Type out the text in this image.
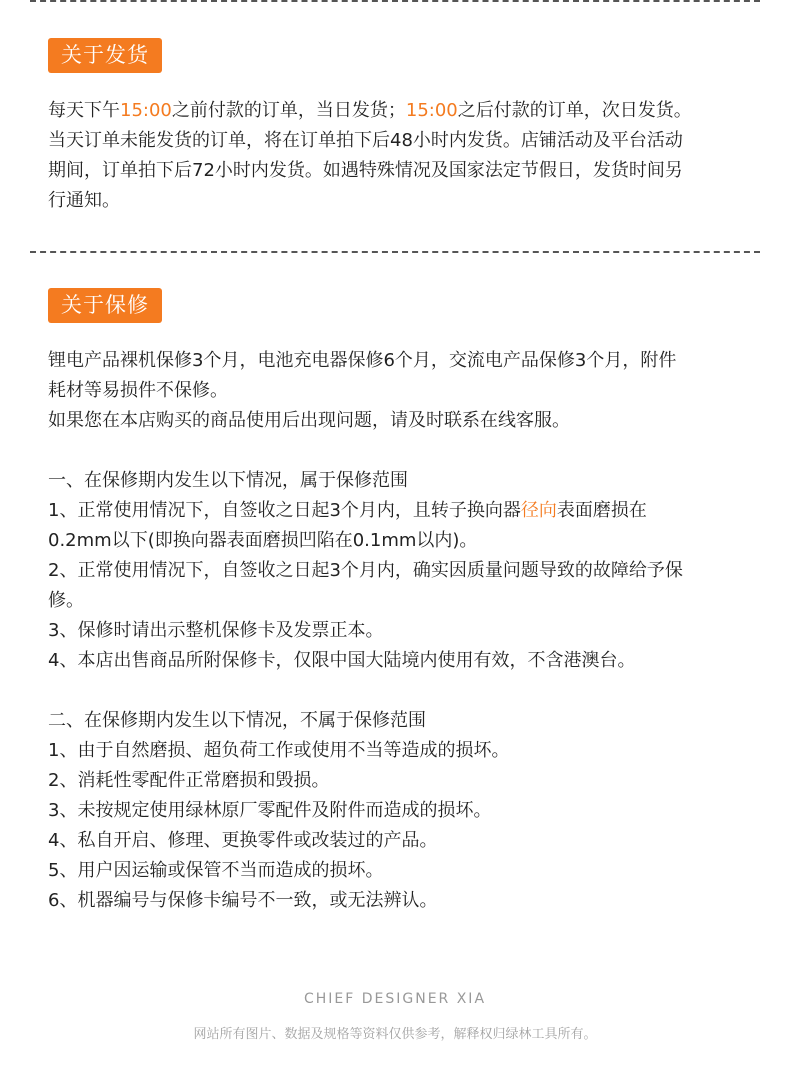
关于发货
每天下午15:00之前付款的订单，当日发货；15:00之后付款的订单，次日发货。
当天订单未能发货的订单，将在订单拍下后48小时内发货。店铺活动及平台活动
期间，订单拍下后72小时内发货。如遇特殊情况及国家法定节假日，发货时间另
行通知。
关于保修
锂电产品裸机保修3个月，电池充电器保修6个月，交流电产品保修3个月，附件
耗材等易损件不保修。
如果您在本店购买的商品使用后出现问题，请及时联系在线客服。
一、在保修期内发生以下情况，属于保修范围
1、正常使用情况下，自签收之日起3个月内，且转子换向器径向表面磨损在
0.2mm以下(即换向器表面磨损凹陷在0.1mm以内)。
2、正常使用情况下，自签收之日起3个月内，确实因质量问题导致的故障给予保
修。
3、保修时请出示整机保修卡及发票正本。
4、本店出售商品所附保修卡，仅限中国大陆境内使用有效，不含港澳台。
二、在保修期内发生以下情况，不属于保修范围
1、由于自然磨损、超负荷工作或使用不当等造成的损坏。
2、消耗性零配件正常磨损和毁损。
3、未按规定使用绿林原厂零配件及附件而造成的损坏。
4、私自开启、修理、更换零件或改装过的产品。
5、用户因运输或保管不当而造成的损坏。
6、机器编号与保修卡编号不一致，或无法辨认。
CHIEF DESIGNER XIA
网站所有图片、数据及规格等资料仅供参考，解释权归绿林工具所有。
